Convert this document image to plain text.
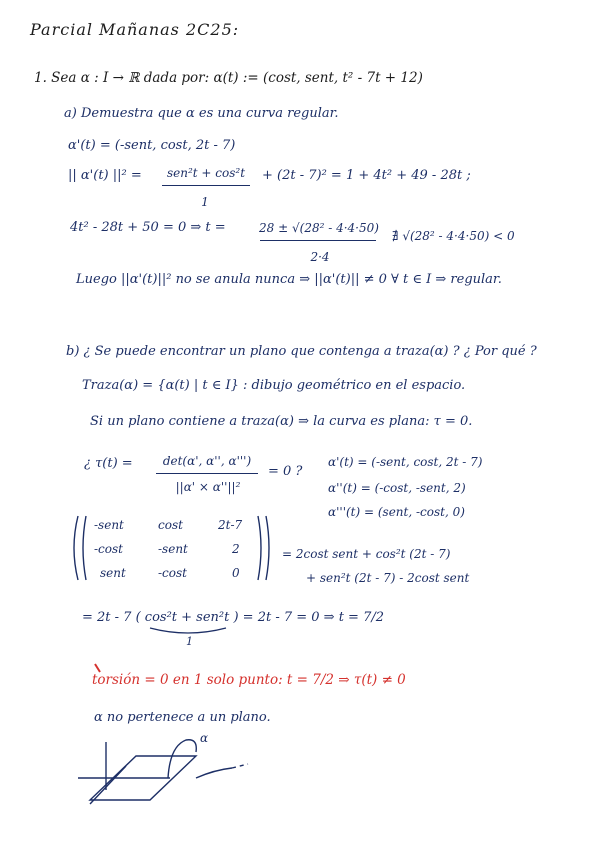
Parcial Mañanas 2C25:
1. Sea α : I → ℝ dada por: α(t) := (cost, sent, t² - 7t + 12)
a) Demuestra que α es una curva regular.
α'(t) = (-sent, cost, 2t - 7)
|| α'(t) ||² =	sen²t + cos²t
1
+ (2t - 7)² = 1 + 4t² + 49 - 28t ;
4t² - 28t + 50 = 0 ⇒ t =	28 ± √(28² - 4·4·50)
2·4
∄ √(28² - 4·4·50) < 0
Luego ||α'(t)||² no se anula nunca ⇒ ||α'(t)|| ≠ 0 ∀ t ∈ I ⇒ regular.
b) ¿ Se puede encontrar un plano que contenga a traza(α) ? ¿ Por qué ?
Traza(α) = {α(t) | t ∈ I} : dibujo geométrico en el espacio.
Si un plano contiene a traza(α) ⇒ la curva es plana: τ = 0.
¿ τ(t) =	det(α', α'', α''')
||α' × α''||²
= 0 ?
α'(t) = (-sent, cost, 2t - 7)
α''(t) = (-cost, -sent, 2)
α'''(t) = (sent, -cost, 0)
-sent	cost	2t-7
-cost	-sent	2
sent	-cost	0
= 2cost sent + cos²t (2t - 7)
+ sen²t (2t - 7) - 2cost sent
= 2t - 7 ( cos²t + sen²t ) = 2t - 7 = 0 ⇒ t = 7/2
1
torsión = 0 en 1 solo punto: t = 7/2 ⇒ τ(t) ≠ 0
α no pertenece a un plano.
α
